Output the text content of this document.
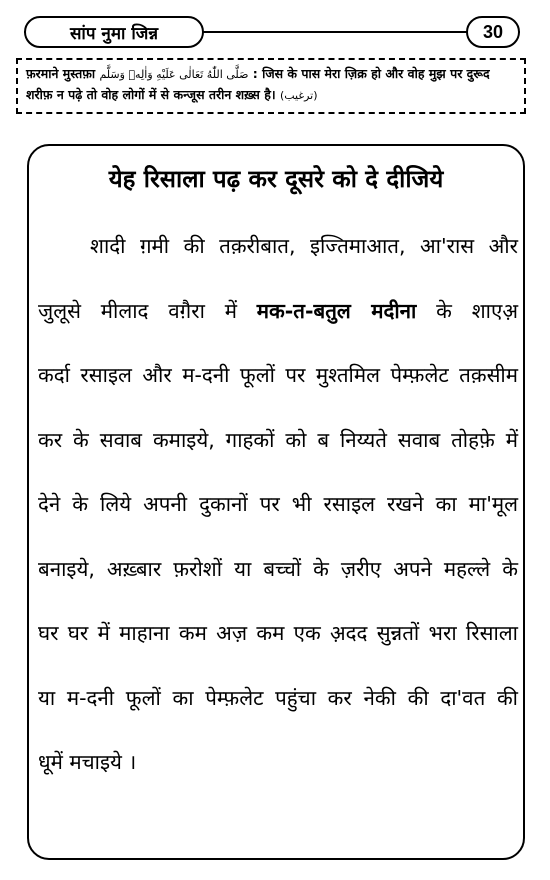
सांप नुमा जिन्न	30
फ़रमाने मुस्तफ़ा صَلَّى اللّٰهُ تَعَالٰى عَلَيْهِ وَاٰلِهٖ وَسَلَّم : जिस के पास मेरा ज़िक्र हो और वोह मुझ पर दुरूद
शरीफ़ न पढ़े तो वोह लोगों में से कन्जूस तरीन शख़्स है। (ترغيب)
येह रिसाला पढ़ कर दूसरे को दे दीजिये
शादी ग़मी की तक़रीबात, इज्तिमाआत, आ'रास और
जुलूसे मीलाद वग़ैरा में मक-त-बतुल मदीना के शाएअ़
कर्दा रसाइल और म-दनी फूलों पर मुश्तमिल पेम्फ़लेट तक़सीम
कर के सवाब कमाइये, गाहकों को ब निय्यते सवाब तोहफ़े में
देने के लिये अपनी दुकानों पर भी रसाइल रखने का मा'मूल
बनाइये, अख़्बार फ़रोशों या बच्चों के ज़रीए अपने महल्ले के
घर घर में माहाना कम अज़ कम एक अ़दद सुन्नतों भरा रिसाला
या म-दनी फूलों का पेम्फ़लेट पहुंचा कर नेकी की दा'वत की
धूमें मचाइये ।
